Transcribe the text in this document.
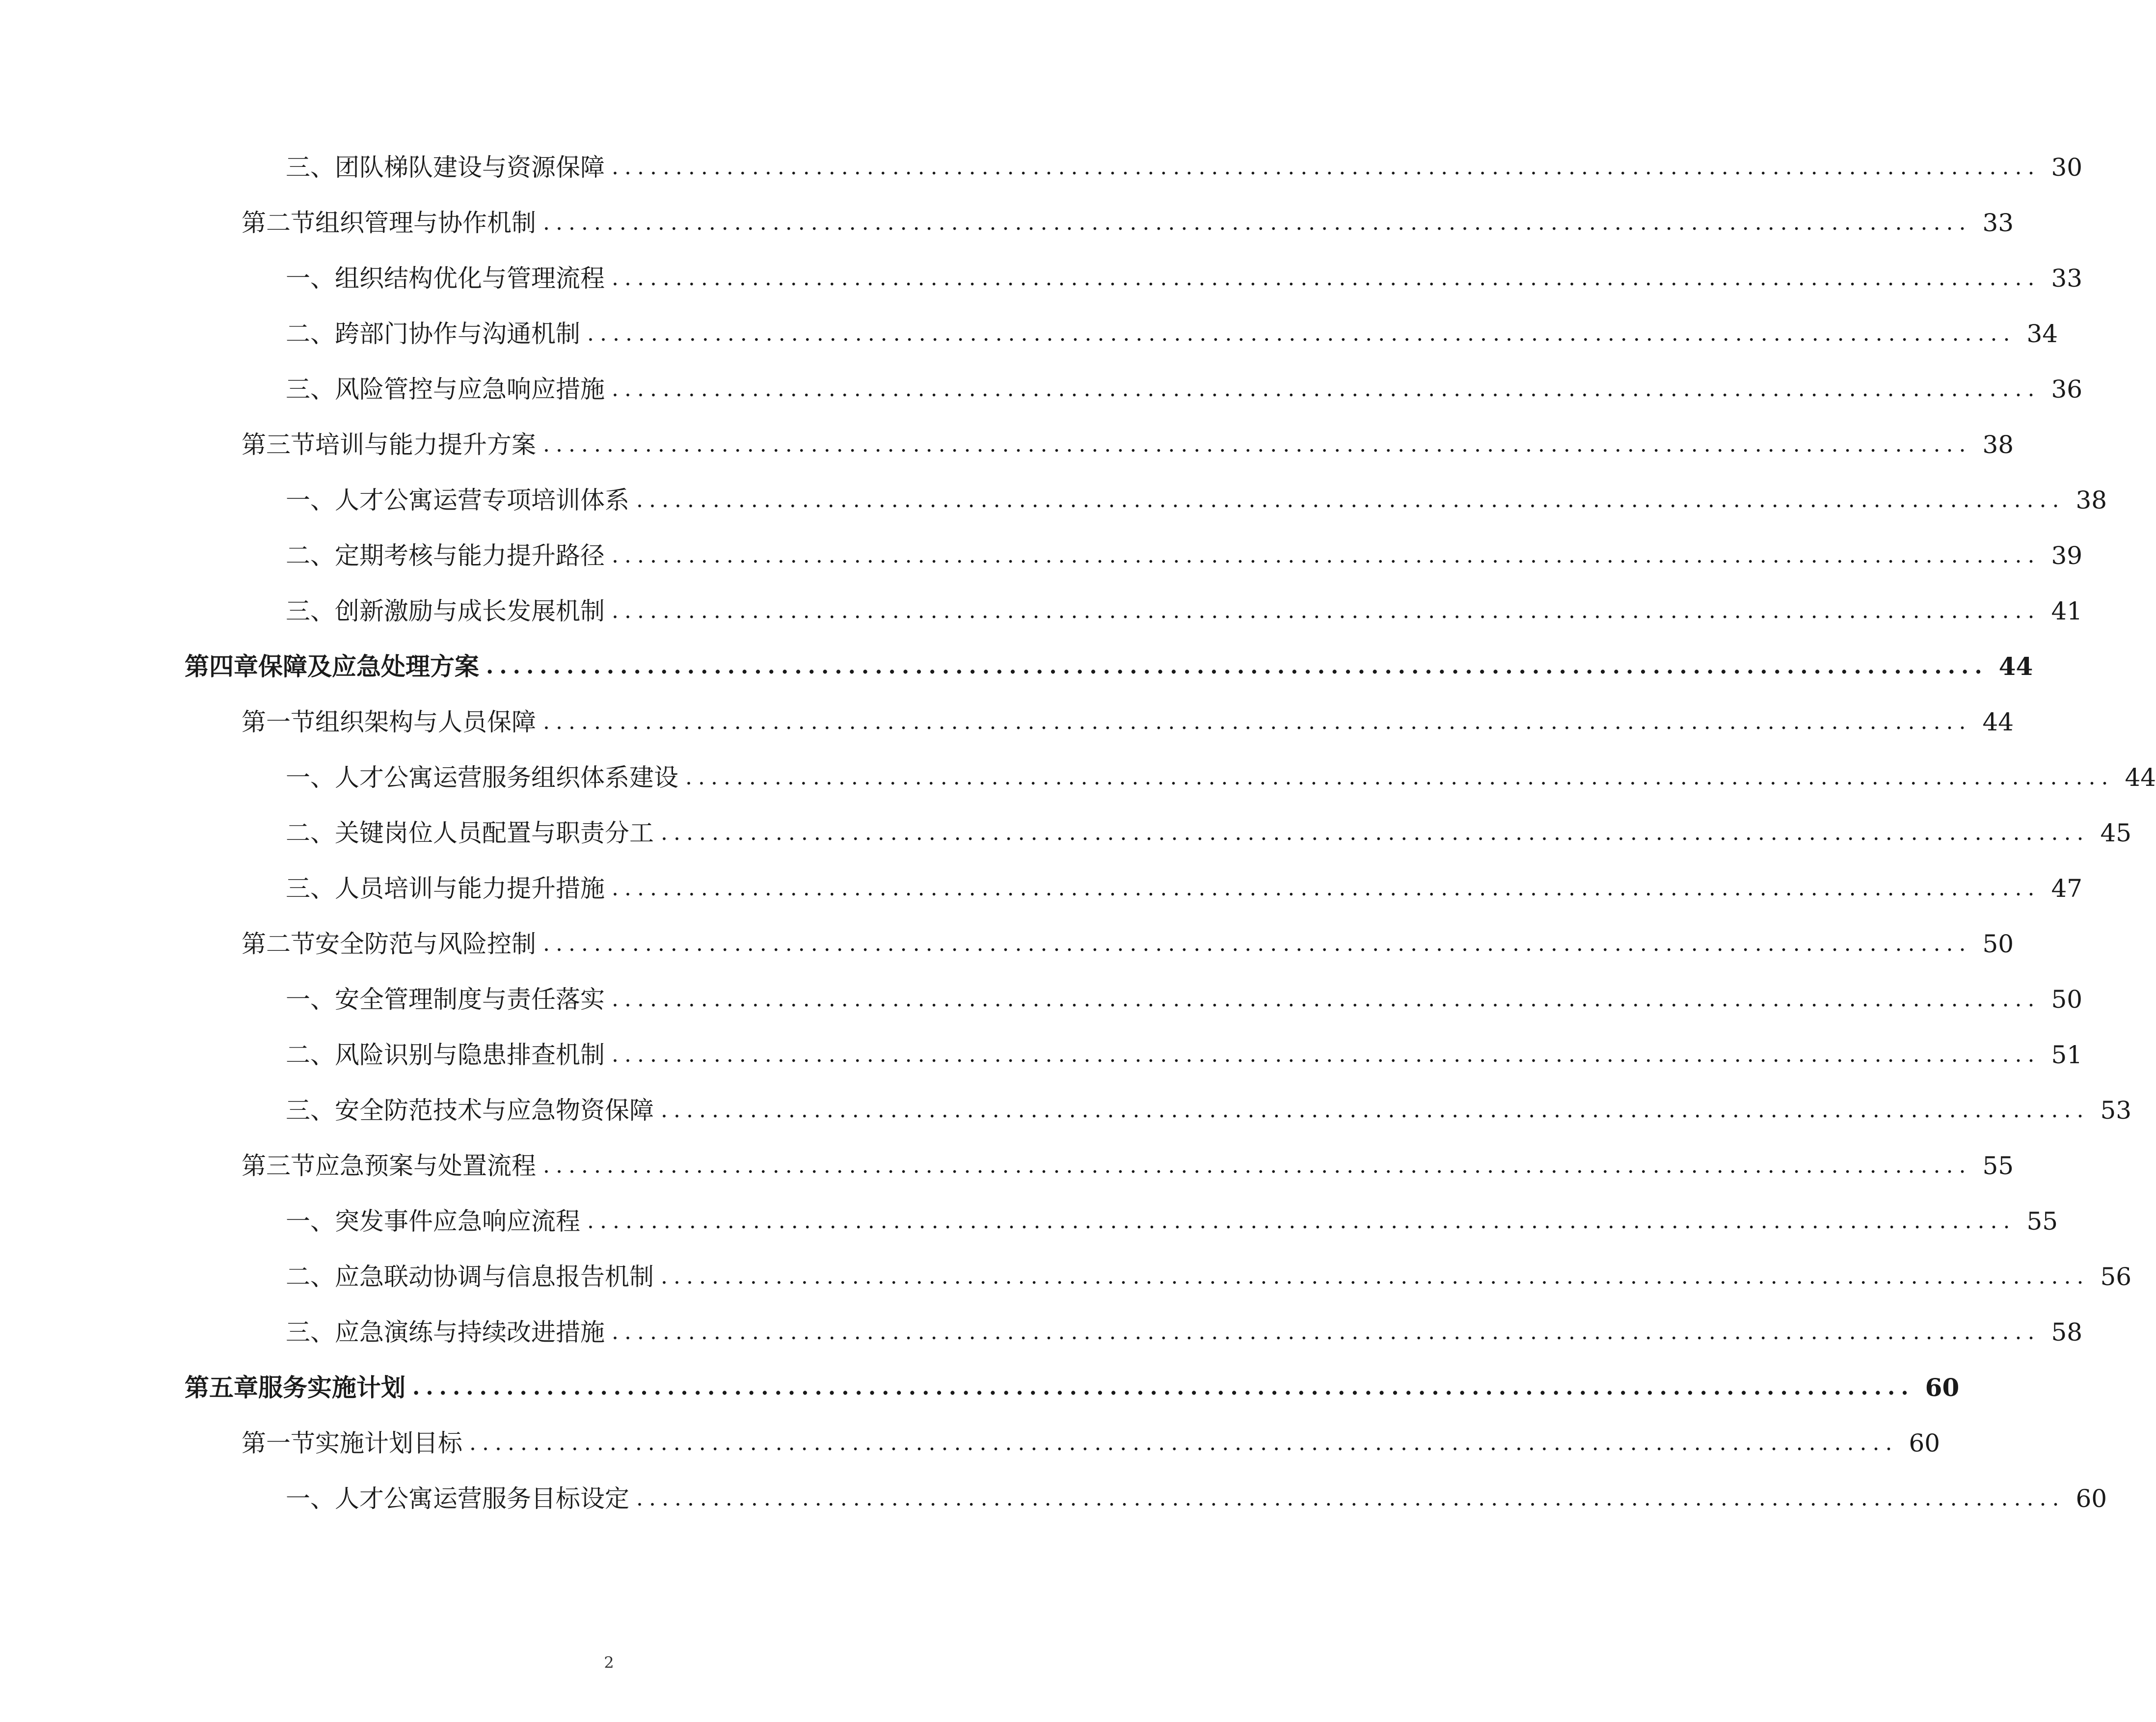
三、 团队梯队建设与资源保障 ................................................................................................................ 30
第二节 组织管理与协作机制 ................................................................................................................ 33
一、 组织结构优化与管理流程 ................................................................................................................ 33
二、 跨部门协作与沟通机制 ................................................................................................................ 34
三、 风险管控与应急响应措施 ................................................................................................................ 36
第三节 培训与能力提升方案 ................................................................................................................ 38
一、 人才公寓运营专项培训体系 ................................................................................................................ 38
二、 定期考核与能力提升路径 ................................................................................................................ 39
三、 创新激励与成长发展机制 ................................................................................................................ 41
第四章 保障及应急处理方案 ................................................................................................................ 44
第一节 组织架构与人员保障 ................................................................................................................ 44
一、 人才公寓运营服务组织体系建设 ................................................................................................................ 44
二、 关键岗位人员配置与职责分工 ................................................................................................................ 45
三、 人员培训与能力提升措施 ................................................................................................................ 47
第二节 安全防范与风险控制 ................................................................................................................ 50
一、 安全管理制度与责任落实 ................................................................................................................ 50
二、 风险识别与隐患排查机制 ................................................................................................................ 51
三、 安全防范技术与应急物资保障 ................................................................................................................ 53
第三节 应急预案与处置流程 ................................................................................................................ 55
一、 突发事件应急响应流程 ................................................................................................................ 55
二、 应急联动协调与信息报告机制 ................................................................................................................ 56
三、 应急演练与持续改进措施 ................................................................................................................ 58
第五章 服务实施计划 ................................................................................................................ 60
第一节 实施计划目标 ................................................................................................................ 60
一、 人才公寓运营服务目标设定 ................................................................................................................ 60
2
